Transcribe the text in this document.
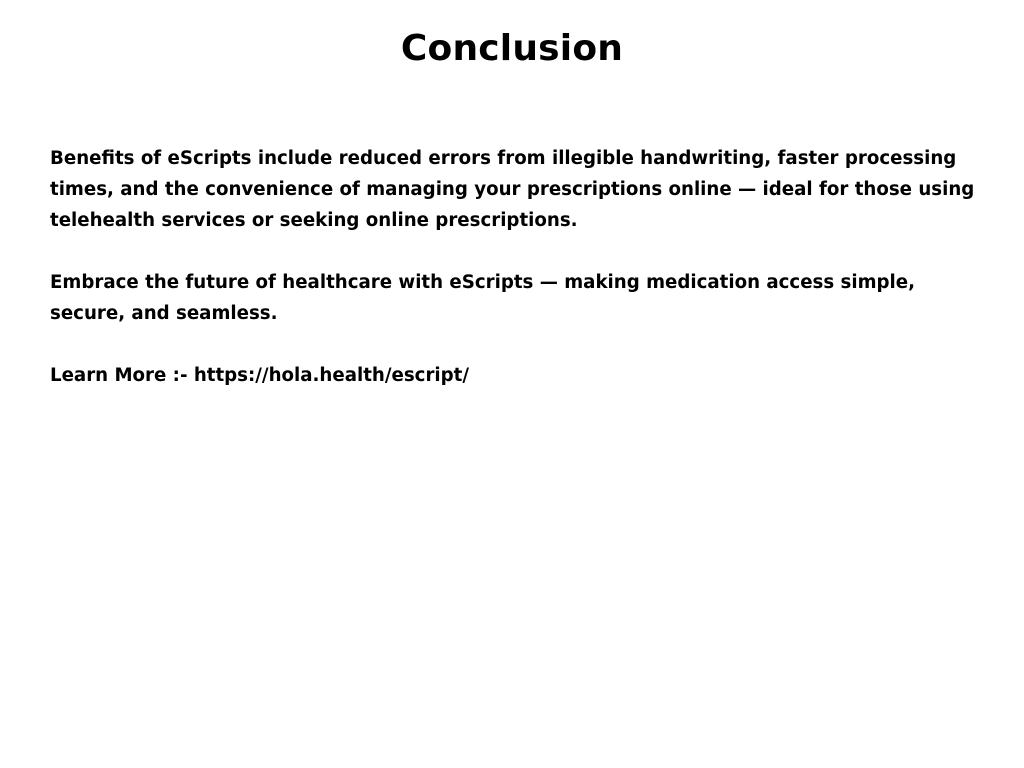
Conclusion

Benefits of eScripts include reduced errors from illegible handwriting, faster processing times, and the convenience of managing your prescriptions online — ideal for those using telehealth services or seeking online prescriptions.

Embrace the future of healthcare with eScripts — making medication access simple, secure, and seamless.

Learn More :- https://hola.health/escript/
